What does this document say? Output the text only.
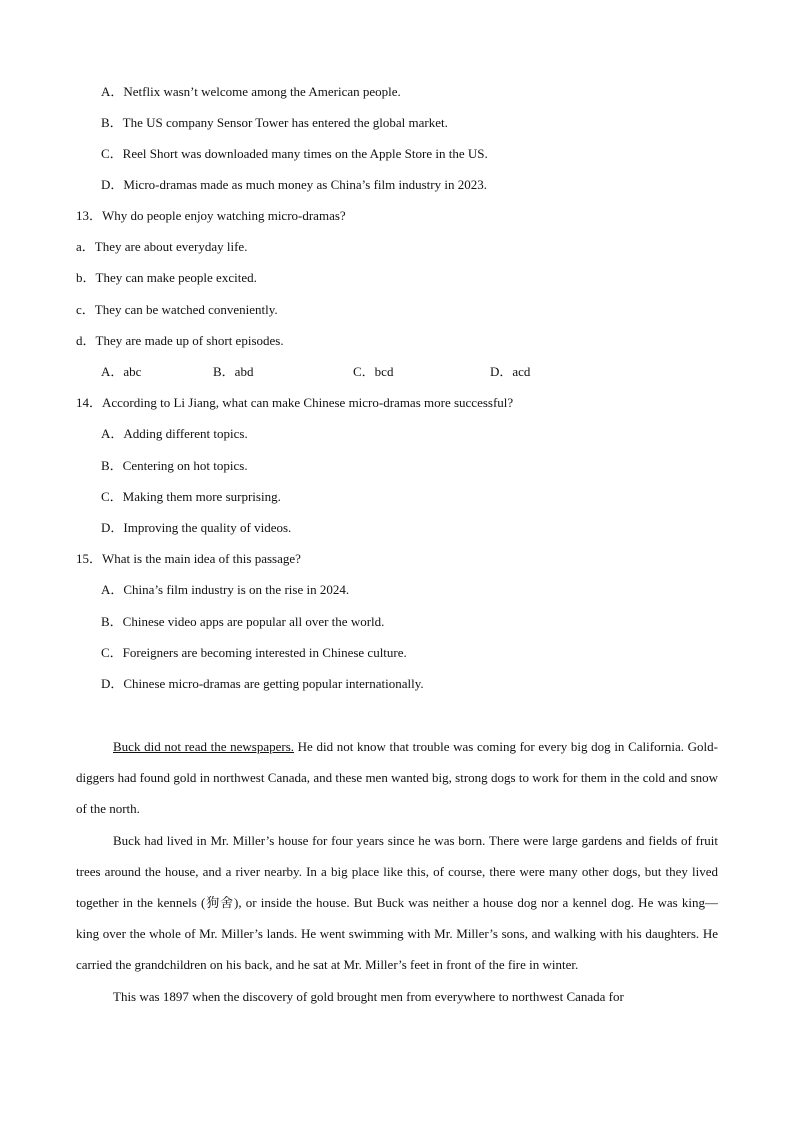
A．Netflix wasn’t welcome among the American people.
B．The US company Sensor Tower has entered the global market.
C．Reel Short was downloaded many times on the Apple Store in the US.
D．Micro-dramas made as much money as China’s film industry in 2023.
13．Why do people enjoy watching micro-dramas?
a．They are about everyday life.
b．They can make people excited.
c．They can be watched conveniently.
d．They are made up of short episodes.
A．abc	B．abd	C．bcd	D．acd
14．According to Li Jiang, what can make Chinese micro-dramas more successful?
A．Adding different topics.
B．Centering on hot topics.
C．Making them more surprising.
D．Improving the quality of videos.
15．What is the main idea of this passage?
A．China’s film industry is on the rise in 2024.
B．Chinese video apps are popular all over the world.
C．Foreigners are becoming interested in Chinese culture.
D．Chinese micro-dramas are getting popular internationally.

Buck did not read the newspapers. He did not know that trouble was coming for every big dog in California. Gold-diggers had found gold in northwest Canada, and these men wanted big, strong dogs to work for them in the cold and snow of the north.

Buck had lived in Mr. Miller’s house for four years since he was born. There were large gardens and fields of fruit trees around the house, and a river nearby. In a big place like this, of course, there were many other dogs, but they lived together in the kennels (狗舍), or inside the house. But Buck was neither a house dog nor a kennel dog. He was king—king over the whole of Mr. Miller’s lands. He went swimming with Mr. Miller’s sons, and walking with his daughters. He carried the grandchildren on his back, and he sat at Mr. Miller’s feet in front of the fire in winter.

This was 1897 when the discovery of gold brought men from everywhere to northwest Canada for
